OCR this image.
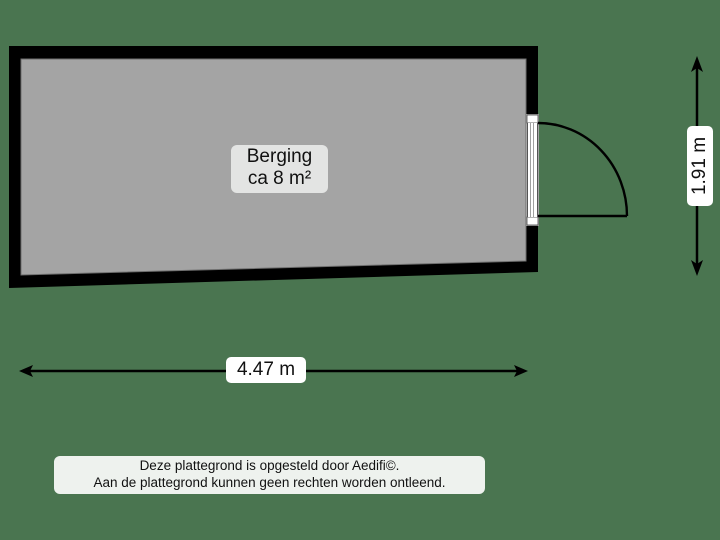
Berging
ca 8 m²
4.47 m
1.91 m
Deze plattegrond is opgesteld door Aedifi©.
Aan de plattegrond kunnen geen rechten worden ontleend.
